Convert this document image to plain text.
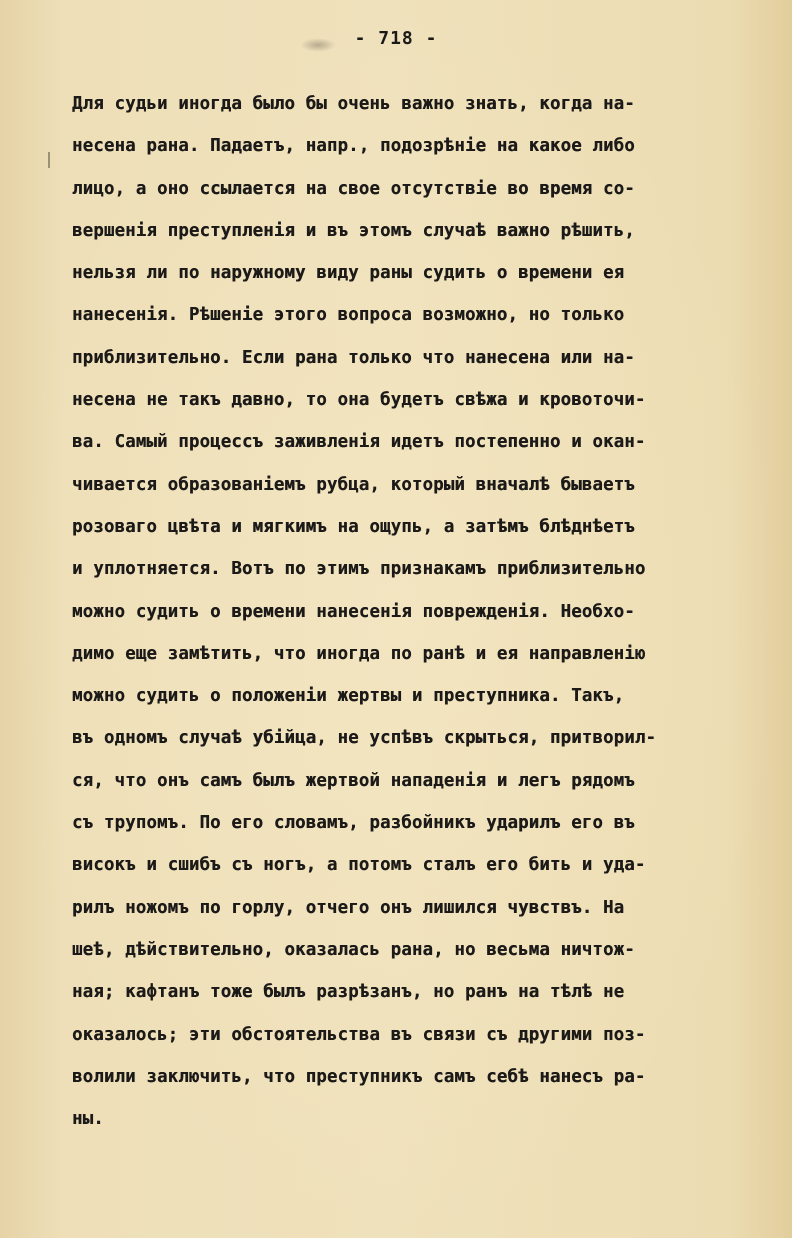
- 718 -
Для судьи иногда было бы очень важно знать, когда на-
несена рана. Падаетъ, напр., подозрѣніе на какое либо
лицо, а оно ссылается на свое отсутствіе во время со-
вершенія преступленія и въ этомъ случаѣ важно рѣшить,
нельзя ли по наружному виду раны судить о времени ея
нанесенія. Рѣшеніе этого вопроса возможно, но только
приблизительно. Если рана только что нанесена или на-
несена не такъ давно, то она будетъ свѣжа и кровоточи-
ва. Самый процессъ заживленія идетъ постепенно и окан-
чивается образованіемъ рубца, который вначалѣ бываетъ
розоваго цвѣта и мягкимъ на ощупь, а затѣмъ блѣднѣетъ
и уплотняется. Вотъ по этимъ признакамъ приблизительно
можно судить о времени нанесенія поврежденія. Необхо-
димо еще замѣтить, что иногда по ранѣ и ея направленію
можно судить о положеніи жертвы и преступника. Такъ,
въ одномъ случаѣ убійца, не успѣвъ скрыться, притворил-
ся, что онъ самъ былъ жертвой нападенія и легъ рядомъ
съ трупомъ. По его словамъ, разбойникъ ударилъ его въ
високъ и сшибъ съ ногъ, а потомъ сталъ его бить и уда-
рилъ ножомъ по горлу, отчего онъ лишился чувствъ. На
шеѣ, дѣйствительно, оказалась рана, но весьма ничтож-
ная; кафтанъ тоже былъ разрѣзанъ, но ранъ на тѣлѣ не
оказалось; эти обстоятельства въ связи съ другими поз-
волили заключить, что преступникъ самъ себѣ нанесъ ра-
ны.
